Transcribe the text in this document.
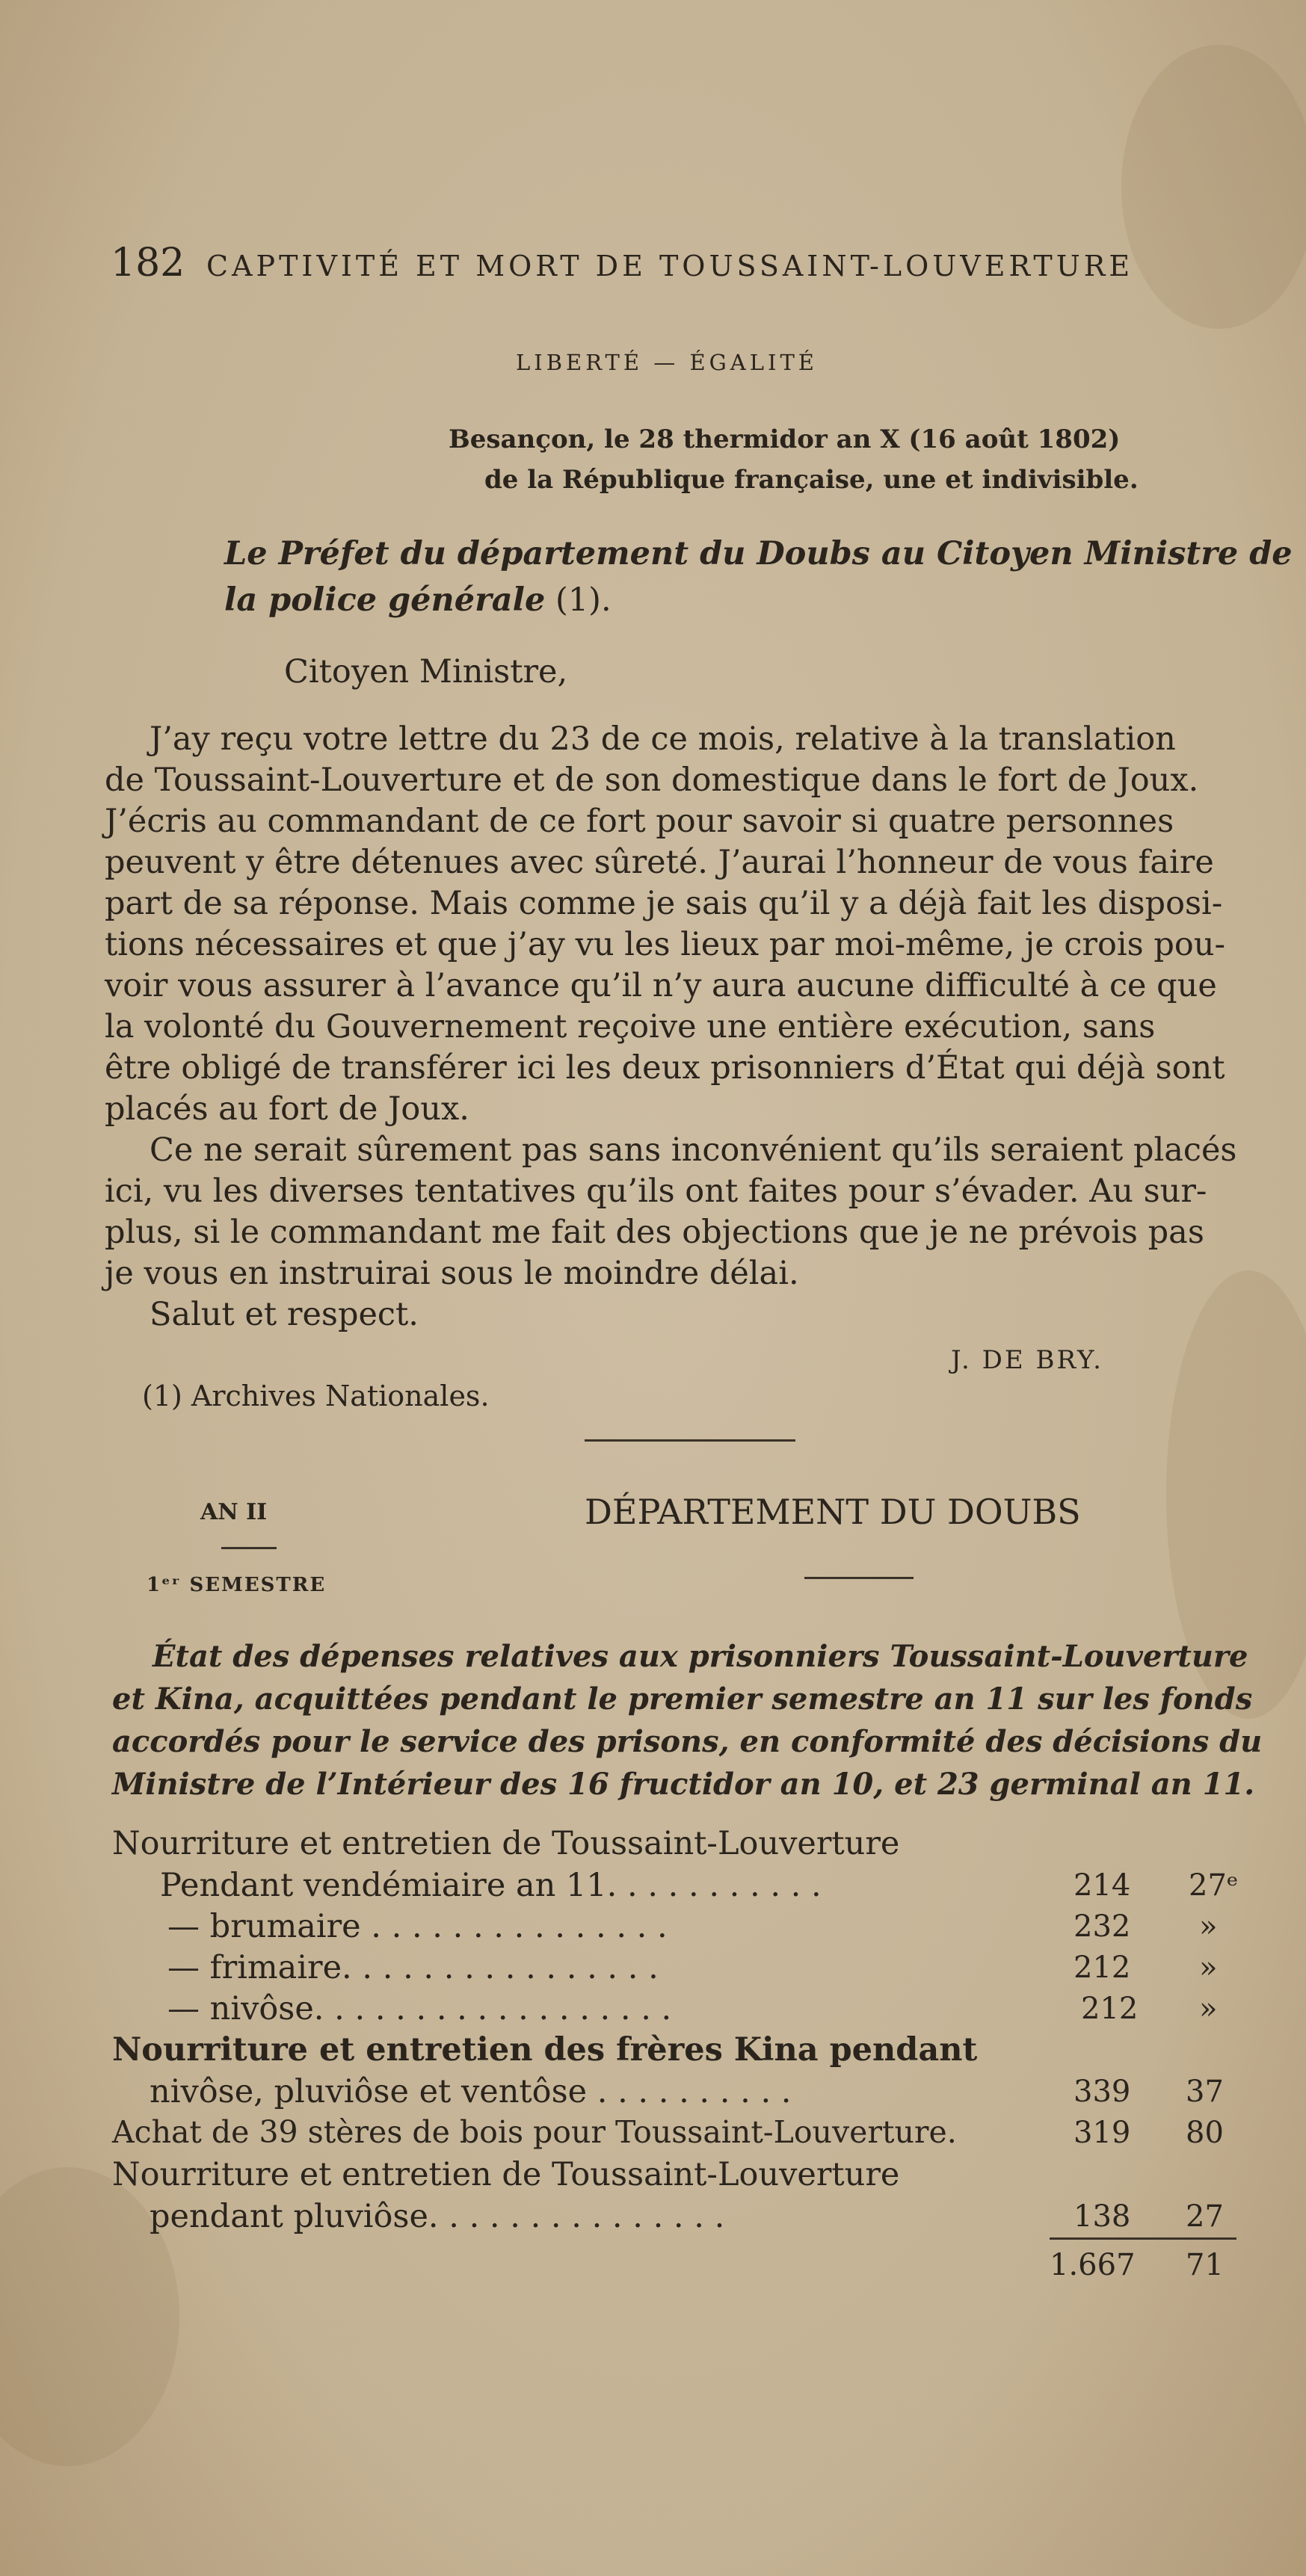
182 CAPTIVITÉ ET MORT DE TOUSSAINT-LOUVERTURE
LIBERTÉ — ÉGALITÉ
Besançon, le 28 thermidor an X (16 août 1802)
de la République française, une et indivisible.
Le Préfet du département du Doubs au Citoyen Ministre de
la police générale (1).
Citoyen Ministre,
J’ay reçu votre lettre du 23 de ce mois, relative à la translation
de Toussaint-Louverture et de son domestique dans le fort de Joux.
J’écris au commandant de ce fort pour savoir si quatre personnes
peuvent y être détenues avec sûreté. J’aurai l’honneur de vous faire
part de sa réponse. Mais comme je sais qu’il y a déjà fait les disposi-
tions nécessaires et que j’ay vu les lieux par moi-même, je crois pou-
voir vous assurer à l’avance qu’il n’y aura aucune difficulté à ce que
la volonté du Gouvernement reçoive une entière exécution, sans
être obligé de transférer ici les deux prisonniers d’État qui déjà sont
placés au fort de Joux.
Ce ne serait sûrement pas sans inconvénient qu’ils seraient placés
ici, vu les diverses tentatives qu’ils ont faites pour s’évader. Au sur-
plus, si le commandant me fait des objections que je ne prévois pas
je vous en instruirai sous le moindre délai.
Salut et respect.
J. DE BRY.
(1) Archives Nationales.
AN II
1ᵉʳ SEMESTRE
DÉPARTEMENT DU DOUBS
État des dépenses relatives aux prisonniers Toussaint-Louverture
et Kina, acquittées pendant le premier semestre an 11 sur les fonds
accordés pour le service des prisons, en conformité des décisions du
Ministre de l’Intérieur des 16 fructidor an 10, et 23 germinal an 11.
Nourriture et entretien de Toussaint-Louverture
Pendant vendémiaire an 11. . . . . . . . . . .	214 27ᵉ
— brumaire . . . . . . . . . . . . . . .	232 »
— frimaire. . . . . . . . . . . . . . . .	212 »
— nivôse. . . . . . . . . . . . . . . . . .	212 »
Nourriture et entretien des frères Kina pendant
nivôse, pluviôse et ventôse . . . . . . . . . .	339 37
Achat de 39 stères de bois pour Toussaint-Louverture.	319 80
Nourriture et entretien de Toussaint-Louverture
pendant pluviôse. . . . . . . . . . . . . . .	138 27
1.667 71
